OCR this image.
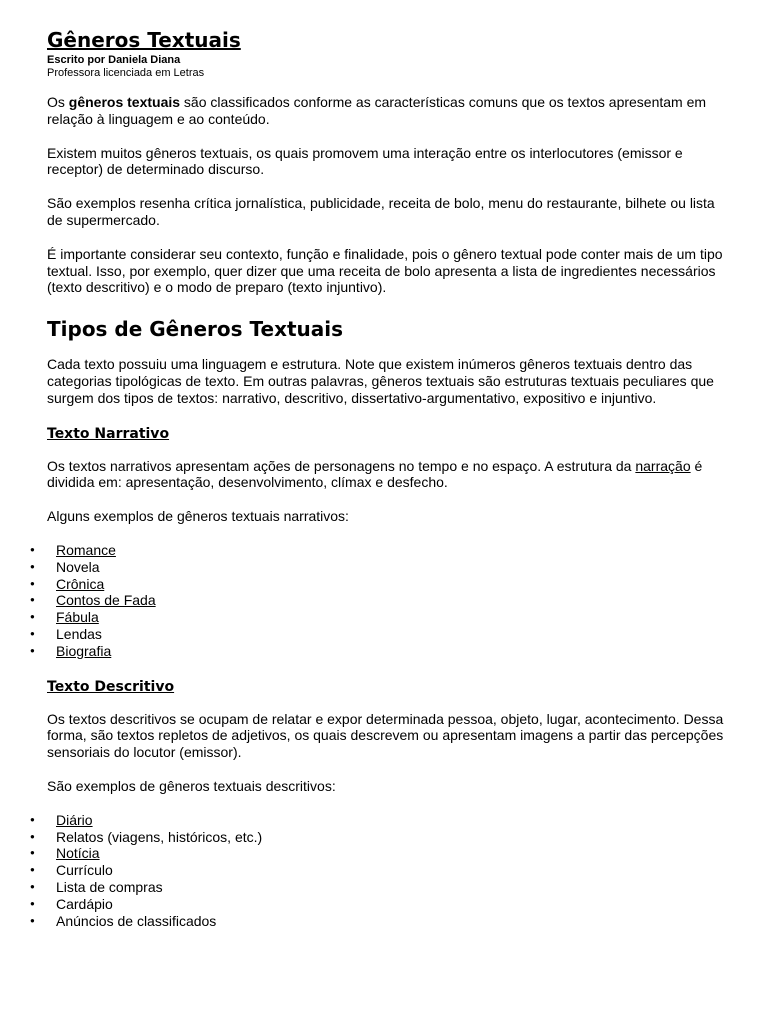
Gêneros Textuais
Escrito por Daniela Diana
Professora licenciada em Letras

Os gêneros textuais são classificados conforme as características comuns que os textos apresentam em relação à linguagem e ao conteúdo.

Existem muitos gêneros textuais, os quais promovem uma interação entre os interlocutores (emissor e receptor) de determinado discurso.

São exemplos resenha crítica jornalística, publicidade, receita de bolo, menu do restaurante, bilhete ou lista de supermercado.

É importante considerar seu contexto, função e finalidade, pois o gênero textual pode conter mais de um tipo textual. Isso, por exemplo, quer dizer que uma receita de bolo apresenta a lista de ingredientes necessários (texto descritivo) e o modo de preparo (texto injuntivo).

Tipos de Gêneros Textuais

Cada texto possuiu uma linguagem e estrutura. Note que existem inúmeros gêneros textuais dentro das categorias tipológicas de texto. Em outras palavras, gêneros textuais são estruturas textuais peculiares que surgem dos tipos de textos: narrativo, descritivo, dissertativo-argumentativo, expositivo e injuntivo.

Texto Narrativo

Os textos narrativos apresentam ações de personagens no tempo e no espaço. A estrutura da narração é dividida em: apresentação, desenvolvimento, clímax e desfecho.

Alguns exemplos de gêneros textuais narrativos:

● Romance
● Novela
● Crônica
● Contos de Fada
● Fábula
● Lendas
● Biografia
Texto Descritivo

Os textos descritivos se ocupam de relatar e expor determinada pessoa, objeto, lugar, acontecimento. Dessa forma, são textos repletos de adjetivos, os quais descrevem ou apresentam imagens a partir das percepções sensoriais do locutor (emissor).

São exemplos de gêneros textuais descritivos:

● Diário
● Relatos (viagens, históricos, etc.)
● Notícia
● Currículo
● Lista de compras
● Cardápio
● Anúncios de classificados
